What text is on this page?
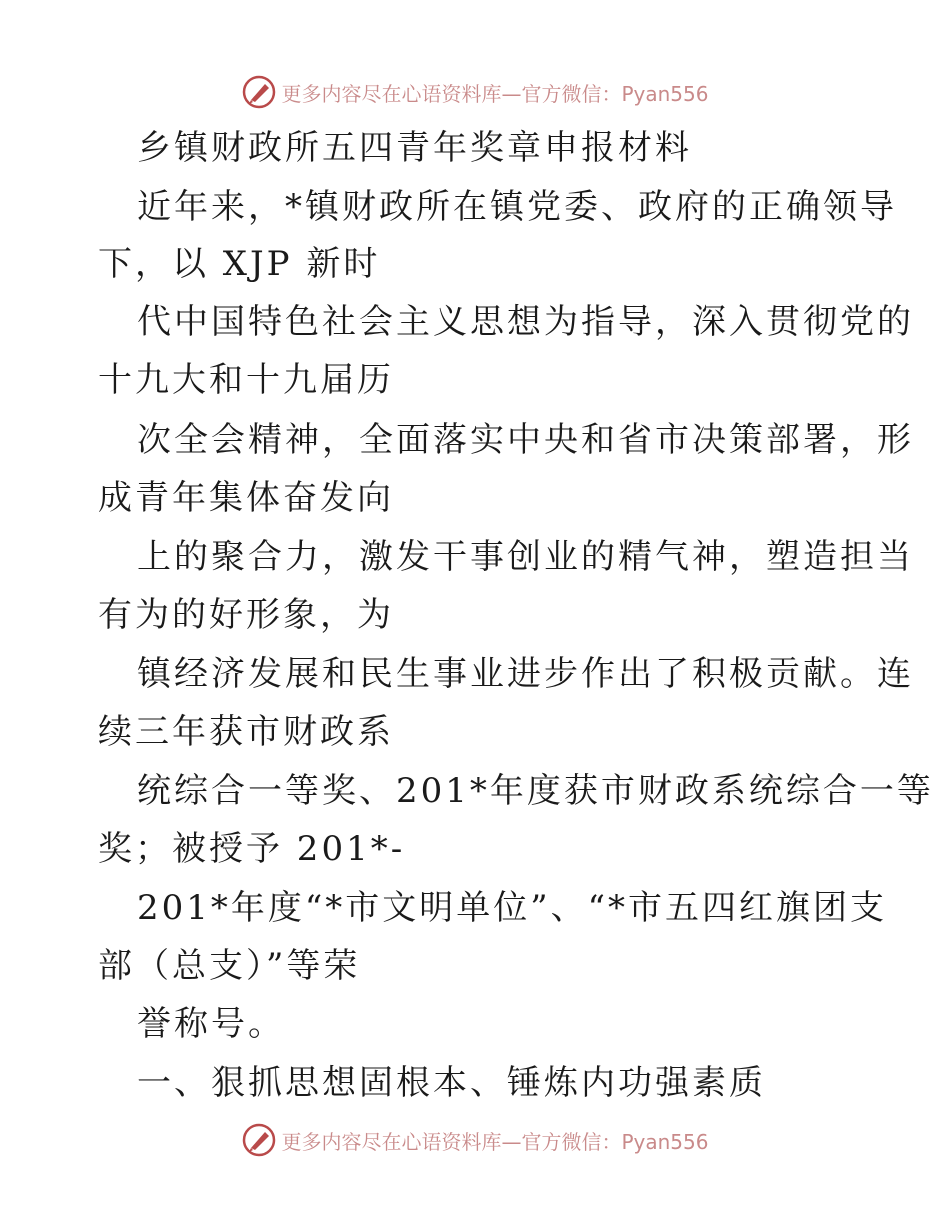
更多内容尽在心语资料库—官方微信：Pyan556
乡镇财政所五四青年奖章申报材料
近年来，*镇财政所在镇党委、政府的正确领导
下，以 XJP 新时
代中国特色社会主义思想为指导，深入贯彻党的
十九大和十九届历
次全会精神，全面落实中央和省市决策部署，形
成青年集体奋发向
上的聚合力，激发干事创业的精气神，塑造担当
有为的好形象，为
镇经济发展和民生事业进步作出了积极贡献。连
续三年获市财政系
统综合一等奖、201*年度获市财政系统综合一等
奖；被授予 201*-
201*年度“*市文明单位”、“*市五四红旗团支
部（总支）”等荣
誉称号。
一、狠抓思想固根本、锤炼内功强素质
更多内容尽在心语资料库—官方微信：Pyan556
